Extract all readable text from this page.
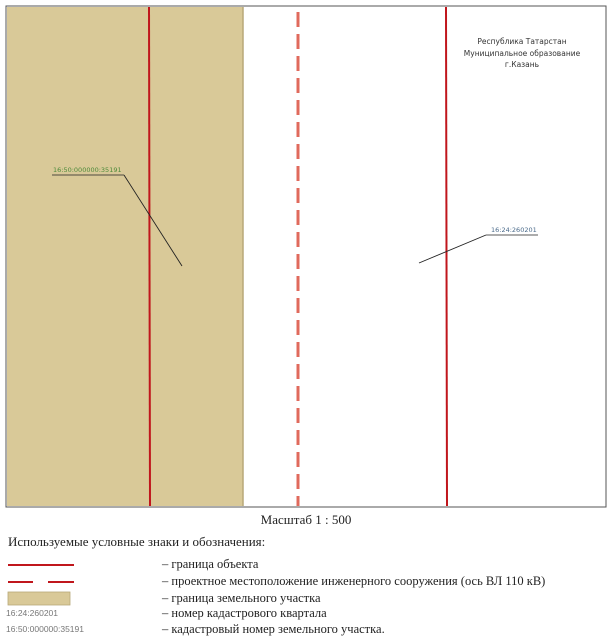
Республика Татарстан
Муниципальное образование
г.Казань
16:50:000000:35191
16:24:260201
Масштаб 1 : 500
Используемые условные знаки и обозначения:
– граница объекта
– проектное местоположение инженерного сооружения (ось ВЛ 110 кВ)
– граница земельного участка
16:24:260201	– номер кадастрового квартала
16:50:000000:35191	– кадастровый номер земельного участка.
